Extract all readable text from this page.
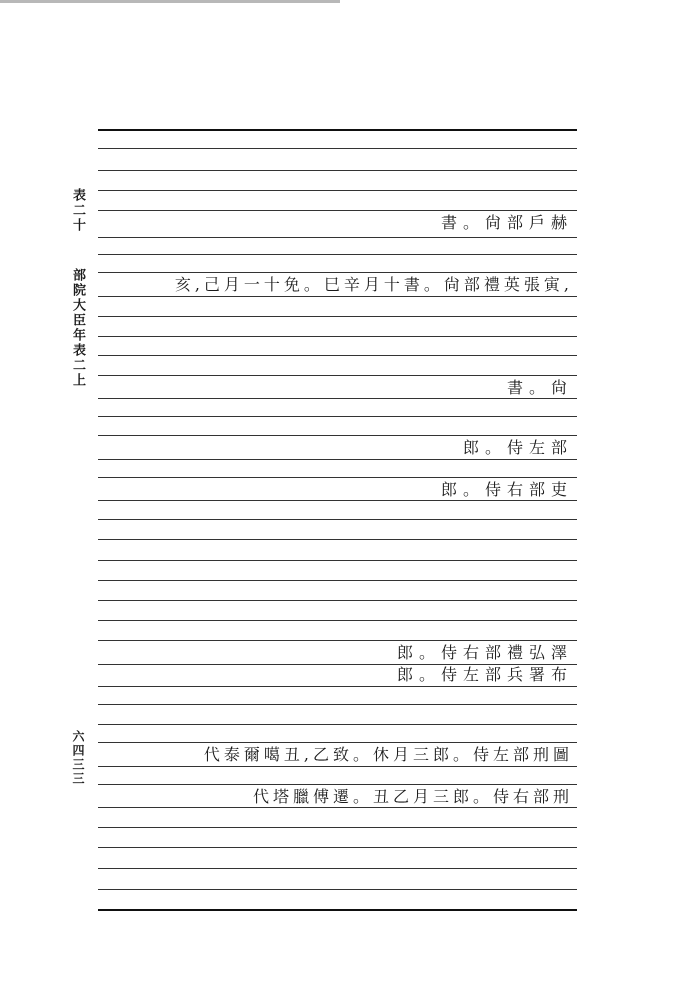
表二十
部院大臣年表二上
六四三三
書。尙部戶赫
亥,己月一十免。巳辛月十書。尙部禮英張寅,
書。尙
郎。侍左部
郎。侍右部吏
郎。侍右部禮弘澤
郎。侍左部兵署布
代泰爾噶丑,乙致。休月三郎。侍左部刑圖
代塔臘傅遷。丑乙月三郎。侍右部刑
